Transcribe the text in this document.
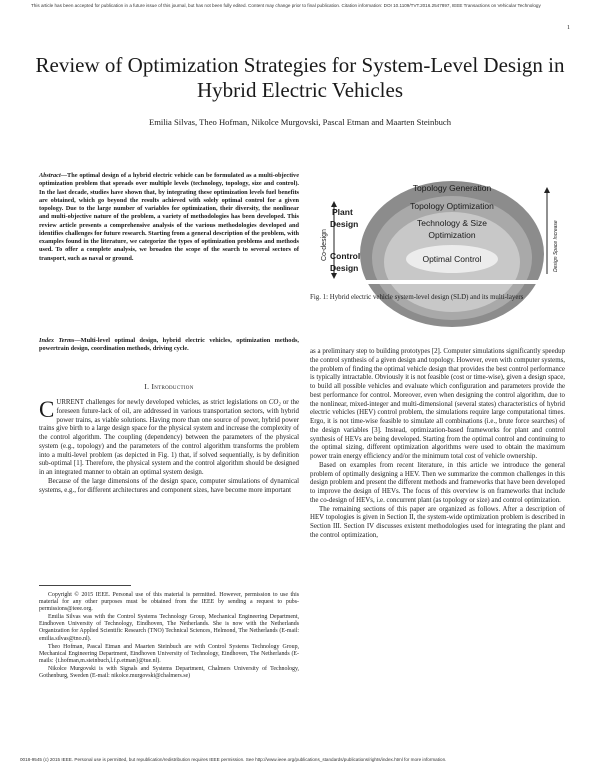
This article has been accepted for publication in a future issue of this journal, but has not been fully edited. Content may change prior to final publication. Citation information: DOI 10.1109/TVT.2016.2547897, IEEE Transactions on Vehicular Technology
1
Review of Optimization Strategies for System-Level Design in Hybrid Electric Vehicles
Emilia Silvas, Theo Hofman, Nikolce Murgovski, Pascal Etman and Maarten Steinbuch
Abstract—The optimal design of a hybrid electric vehicle can be formulated as a multi-objective optimization problem that spreads over multiple levels (technology, topology, size and control). In the last decade, studies have shown that, by integrating these optimization levels fuel benefits are obtained, which go beyond the results achieved with solely optimal control for a given topology. Due to the large number of variables for optimization, their diversity, the nonlinear and multi-objective nature of the problem, a variety of methodologies has been developed. This review article presents a comprehensive analysis of the various methodologies developed and identifies challenges for future research. Starting from a general description of the problem, with examples found in the literature, we categorize the types of optimization problems and methods used. To offer a complete analysis, we broaden the scope of the search to several sectors of transport, such as naval or ground.
Index Terms—Multi-level optimal design, hybrid electric vehicles, optimization methods, powertrain design, coordination methods, driving cycle.
I. Introduction

CURRENT challenges for newly developed vehicles, as strict legislations on CO₂ or the foreseen future-lack of oil, are addressed in various transportation sectors, with hybrid power trains, as viable solutions. Having more than one source of power, hybrid power trains give birth to a large design space for the physical system and increase the complexity of the control algorithm. The coupling (dependency) between the parameters of the physical system (e.g., topology) and the parameters of the control algorithm transforms the problem into a multi-level problem (as depicted in Fig. 1) that, if solved sequentially, is by definition sub-optimal [1]. Therefore, the physical system and the control algorithm should be designed in an integrated manner to obtain an optimal system design.

Because of the large dimensions of the design space, computer simulations of dynamical systems, e.g., for different architectures and component sizes, have become more important

Copyright © 2015 IEEE. Personal use of this material is permitted. However, permission to use this material for any other purposes must be obtained from the IEEE by sending a request to pubs-permissions@ieee.org.

Emilia Silvas was with the Control Systems Technology Group, Mechanical Engineering Department, Eindhoven University of Technology, Eindhoven, The Netherlands. She is now with the Netherlands Organization for Applied Scientific Research (TNO) Technical Sciences, Helmond, The Netherlands (E-mail: emilia.silvas@tno.nl).

Theo Hofman, Pascal Etman and Maarten Steinbuch are with Control Systems Technology Group, Mechanical Engineering Department, Eindhoven University of Technology, Eindhoven, The Netherlands (E-mails: {t.hofman,m.steinbuch,l.f.p.etman}@tue.nl).

Nikolce Murgovski is with Signals and Systems Department, Chalmers University of Technology, Gothenburg, Sweden (E-mail: nikolce.murgovski@chalmers.se)

Topology Generation
Topology Optimization
Technology & Size
Optimization
Optimal Control
Plant
Design
Control
Design
Co-design	Design Space Increase
Fig. 1: Hybrid electric vehicle system-level design (SLD) and its multi-layers

as a preliminary step to building prototypes [2]. Computer simulations significantly speedup the control synthesis of a given design and topology. However, even with computer systems, the problem of finding the optimal vehicle design that provides the best control performance is typically intractable. Obviously it is not feasible (cost or time-wise), given a design space, to build all possible vehicles and evaluate which configuration and parameters provide the best performance for control. Moreover, even when designing the control algorithm, due to the nonlinear, mixed-integer and multi-dimensional (several states) characteristics of hybrid electric vehicles (HEV) control problem, the simulations require large computational times. Ergo, it is not time-wise feasible to simulate all combinations (i.e., brute force searches) of the design variables [3]. Instead, optimization-based frameworks for plant and control synthesis of HEVs are being developed. Starting from the optimal control and continuing to the optimal sizing, different optimization algorithms were used to obtain the maximum power train energy efficiency and/or the minimum total cost of vehicle ownership.

Based on examples from recent literature, in this article we introduce the general problem of optimally designing a HEV. Then we summarize the common challenges in this design problem and present the different methods and frameworks that have been developed to improve the design of HEVs. The focus of this overview is on frameworks that include the co-design of HEVs, i.e. concurrent plant (as topology or size) and control optimization.

The remaining sections of this paper are organized as follows. After a description of HEV topologies is given in Section II, the system-wide optimization problem is described in Section III. Section IV discusses existent methodologies used for integrating the plant and the control optimization,

0018-9545 (c) 2015 IEEE. Personal use is permitted, but republication/redistribution requires IEEE permission. See http://www.ieee.org/publications_standards/publications/rights/index.html for more information.
